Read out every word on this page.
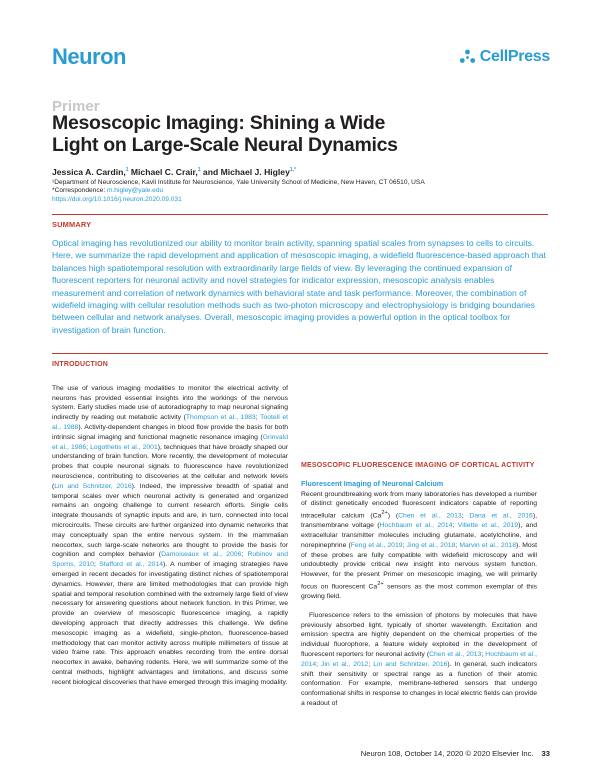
Neuron	CellPress
Primer
Mesoscopic Imaging: Shining a Wide Light on Large-Scale Neural Dynamics
Jessica A. Cardin,$^1$ Michael C. Crair,$^1$ and Michael J. Higley$^{1,*}$
¹Department of Neuroscience, Kavli Institute for Neuroscience, Yale University School of Medicine, New Haven, CT 06510, USA
*Correspondence: m.higley@yale.edu
https://doi.org/10.1016/j.neuron.2020.09.031
SUMMARY

Optical imaging has revolutionized our ability to monitor brain activity, spanning spatial scales from synapses to cells to circuits. Here, we summarize the rapid development and application of mesoscopic imaging, a widefield fluorescence-based approach that balances high spatiotemporal resolution with extraordinarily large fields of view. By leveraging the continued expansion of fluorescent reporters for neuronal activity and novel strategies for indicator expression, mesoscopic analysis enables measurement and correlation of network dynamics with behavioral state and task performance. Moreover, the combination of widefield imaging with cellular resolution methods such as two-photon microscopy and electrophysiology is bridging boundaries between cellular and network analyses. Overall, mesoscopic imaging provides a powerful option in the optical toolbox for investigation of brain function.

INTRODUCTION

The use of various imaging modalities to monitor the electrical activity of neurons has provided essential insights into the workings of the nervous system. Early studies made use of autoradiography to map neuronal signaling indirectly by reading out metabolic activity (Thompson et al., 1983; Tootell et al., 1988). Activity-dependent changes in blood flow provide the basis for both intrinsic signal imaging and functional magnetic resonance imaging (Grinvald et al., 1986; Logothetis et al., 2001), techniques that have broadly shaped our understanding of brain function. More recently, the development of molecular probes that couple neuronal signals to fluorescence have revolutionized neuroscience, contributing to discoveries at the cellular and network levels (Lin and Schnitzer, 2016). Indeed, the impressive breadth of spatial and temporal scales over which neuronal activity is generated and organized remains an ongoing challenge to current research efforts. Single cells integrate thousands of synaptic inputs and are, in turn, connected into local microcircuits. These circuits are further organized into dynamic networks that may conceptually span the entire nervous system. In the mammalian neocortex, such large-scale networks are thought to provide the basis for cognition and complex behavior (Damoiseaux et al., 2006; Rubinov and Sporns, 2010; Stafford et al., 2014). A number of imaging strategies have emerged in recent decades for investigating distinct niches of spatiotemporal dynamics. However, there are limited methodologies that can provide high spatial and temporal resolution combined with the extremely large field of view necessary for answering questions about network function. In this Primer, we provide an overview of mesoscopic fluorescence imaging, a rapidly developing approach that directly addresses this challenge. We define mesoscopic imaging as a widefield, single-photon, fluorescence-based methodology that can monitor activity across multiple millimeters of tissue at video frame rate. This approach enables recording from the entire dorsal neocortex in awake, behaving rodents. Here, we will summarize some of the central methods, highlight advantages and limitations, and discuss some recent biological discoveries that have emerged through this imaging modality.

MESOSCOPIC FLUORESCENCE IMAGING OF CORTICAL ACTIVITY
Fluorescent Imaging of Neuronal Calcium

Recent groundbreaking work from many laboratories has developed a number of distinct genetically encoded fluorescent indicators capable of reporting intracellular calcium $(Ca^{2+})$ (Chen et al., 2013; Dana et al., 2016), transmembrane voltage (Hochbaum et al., 2014; Villette et al., 2019), and extracellular transmitter molecules including glutamate, acetylcholine, and norepinephrine (Feng et al., 2019; Jing et al., 2018; Marvin et al., 2018). Most of these probes are fully compatible with widefield microscopy and will undoubtedly provide critical new insight into nervous system function. However, for the present Primer on mesoscopic imaging, we will primarily focus on fluorescent $Ca^{2+}$ sensors as the most common exemplar of this growing field.

Fluorescence refers to the emission of photons by molecules that have previously absorbed light, typically of shorter wavelength. Excitation and emission spectra are highly dependent on the chemical properties of the individual fluorophore, a feature widely exploited in the development of fluorescent reporters for neuronal activity (Chen et al., 2013; Hochbaum et al., 2014; Jin et al., 2012; Lin and Schnitzer, 2016). In general, such indicators shift their sensitivity or spectral range as a function of their atomic conformation. For example, membrane-tethered sensors that undergo conformational shifts in response to changes in local electric fields can provide a readout of

Neuron 108, October 14, 2020 © 2020 Elsevier Inc. 33
